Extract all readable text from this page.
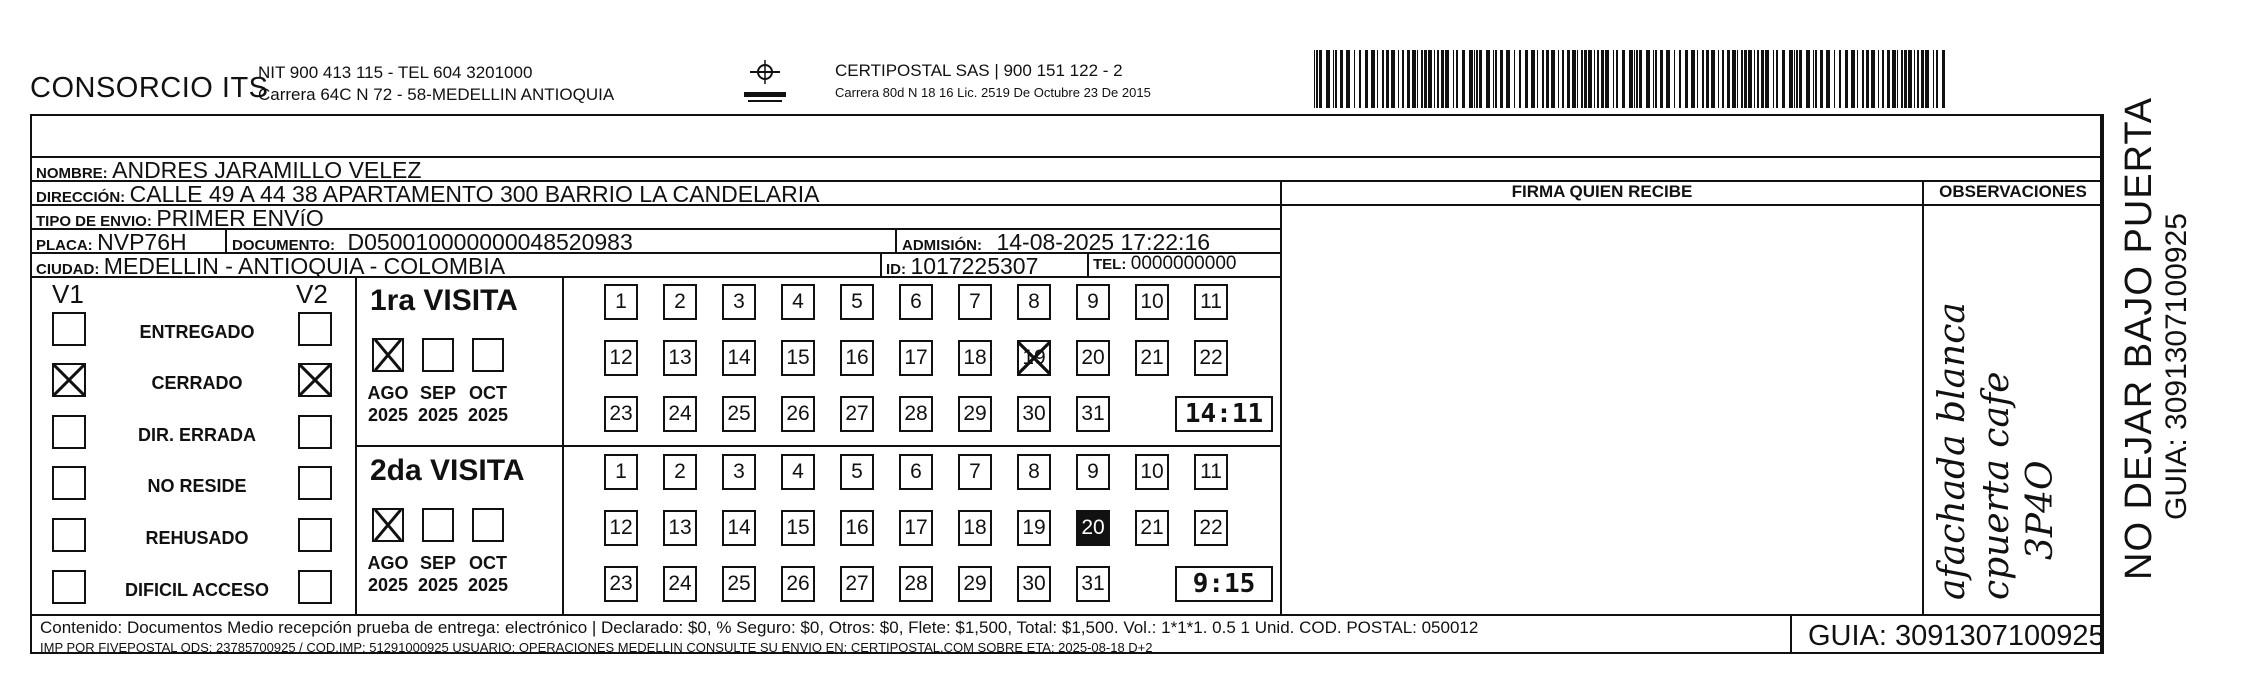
CONSORCIO ITS
NIT 900 413 115 - TEL 604 3201000
Carrera 64C N 72 - 58-MEDELLIN ANTIOQUIA
CERTIPOSTAL SAS | 900 151 122 - 2
Carrera 80d N 18 16 Lic. 2519 De Octubre 23 De 2015
NOMBRE: ANDRES JARAMILLO VELEZ
DIRECCIÓN: CALLE 49 A 44 38 APARTAMENTO 300 BARRIO LA CANDELARIA
TIPO DE ENVIO: PRIMER ENVíO
PLACA: NVP76H	DOCUMENTO: D050010000000048520983	ADMISIÓN: 14-08-2025 17:22:16
CIUDAD: MEDELLIN - ANTIOQUIA - COLOMBIA	ID: 1017225307	TEL: 0000000000
FIRMA QUIEN RECIBE	OBSERVACIONES
V1	V2
ENTREGADO
CERRADO
DIR. ERRADA
NO RESIDE
REHUSADO
DIFICIL ACCESO
1ra VISITA
AGO
2025
SEP
2025
OCT
2025
1	2	3	4	5	6	7	8	9	10 11
12 13 14 15 16 17 18 19 20 21 22
23 24 25 26 27 28 29 30 31	14:11
2da VISITA
AGO
2025
SEP
2025
OCT
2025
1	2	3	4	5	6	7	8	9	10 11
12 13 14 15 16 17 18 19 20 21 22
23 24 25 26 27 28 29 30 31	9:15	afachada blanca cpuerta cafe 3P4O NO DEJAR BAJO PUERTA GUIA: 3091307100925
Contenido: Documentos Medio recepción prueba de entrega: electrónico | Declarado: $0, % Seguro: $0, Otros: $0, Flete: $1,500, Total: $1,500. Vol.: 1*1*1. 0.5 1 Unid. COD. POSTAL: 050012
IMP POR FIVEPOSTAL ODS: 23785700925 / COD.IMP: 51291000925 USUARIO: OPERACIONES MEDELLIN CONSULTE SU ENVIO EN: CERTIPOSTAL.COM SOBRE ETA: 2025-08-18 D+2	GUIA: 3091307100925
